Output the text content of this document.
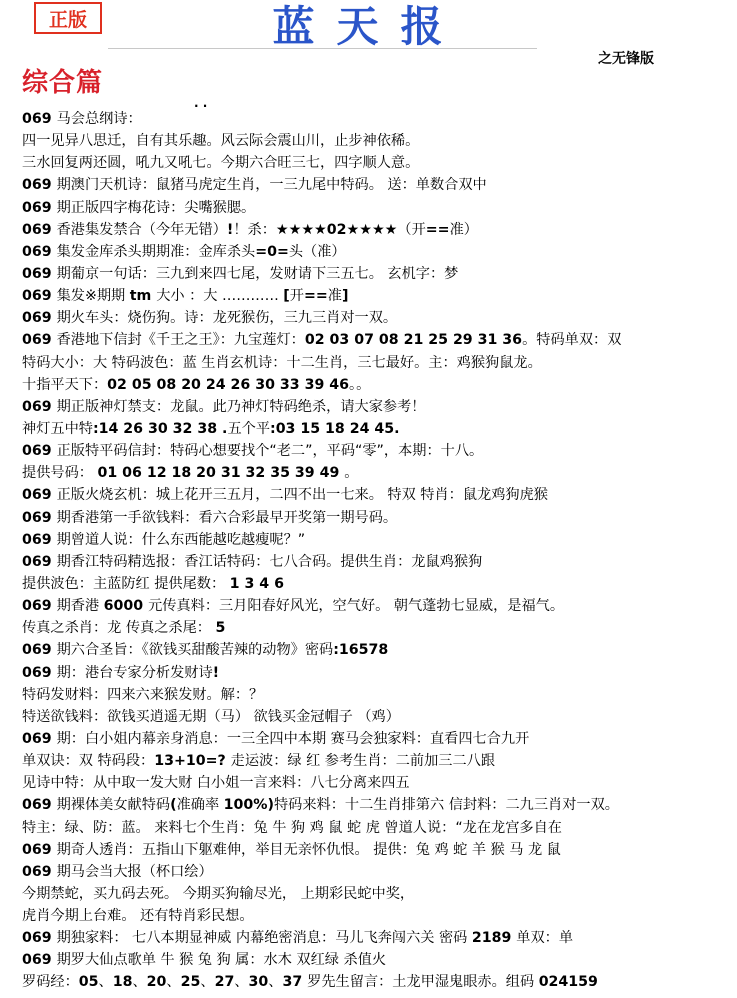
正版	蓝天报
之无锋版
综合篇
. .
069 马会总纲诗：
四一见异八思迁，自有其乐趣。风云际会震山川，止步神依稀。
三水回复两还圆，吼九又吼七。今期六合旺三七，四字顺人意。
069 期澳门天机诗：鼠猪马虎定生肖，一三九尾中特码。 送：单数合双中
069 期正版四字梅花诗：尖嘴猴腮。
069 香港集发禁合（今年无错）!！杀：★★★★02★★★★（开==准）
069 集发金库杀头期期准：金库杀头=0=头（准）
069 期葡京一句话：三九到来四七尾，发财请下三五七。 玄机字：梦
069 集发※期期 tm 大小 ：大 ………… [开==准]
069 期火车头：烧伤狗。诗：龙死猴伤，三九三肖对一双。
069 香港地下信封《千王之王》：九宝莲灯：02 03 07 08 21 25 29 31 36。特码单双：双
特码大小：大 特码波色：蓝 生肖玄机诗：十二生肖，三七最好。主：鸡猴狗鼠龙。
十指平天下：02 05 08 20 24 26 30 33 39 46。。
069 期正版神灯禁支：龙鼠。此乃神灯特码绝杀，请大家参考！
神灯五中特:14 26 30 32 38 .五个平:03 15 18 24 45.
069 正版特平码信封：特码心想要找个“老二”，平码“零”，本期：十八。
提供号码： 01 06 12 18 20 31 32 35 39 49 。
069 正版火烧玄机：城上花开三五月，二四不出一七来。 特双 特肖：鼠龙鸡狗虎猴
069 期香港第一手欲钱料：看六合彩最早开奖第一期号码。
069 期曾道人说：什么东西能越吃越瘦呢？”
069 期香江特码精选报：香江话特码：七八合码。提供生肖：龙鼠鸡猴狗
提供波色：主蓝防红 提供尾数： 1 3 4 6
069 期香港 6000 元传真料：三月阳春好风光，空气好。 朝气蓬勃七显威，是福气。
传真之杀肖：龙 传真之杀尾： 5
069 期六合圣旨：《欲钱买甜酸苦辣的动物》密码:16578
069 期：港台专家分析发财诗!
特码发财料：四来六来猴发财。解：？
特送欲钱料：欲钱买逍遥无期（马） 欲钱买金冠帽子 （鸡）
069 期：白小姐内幕亲身消息：一三全四中本期 赛马会独家料：直看四七合九开
单双诀：双 特码段：13+10=? 走运波：绿 红 参考生肖：二前加三二八跟
见诗中特：从中取一发大财 白小姐一言来料：八七分离来四五
069 期裸体美女献特码(准确率 100%)特码来料：十二生肖排第六 信封料：二九三肖对一双。
特主：绿、防：蓝。 来料七个生肖：兔 牛 狗 鸡 鼠 蛇 虎 曾道人说：“龙在龙宫多自在
069 期奇人透肖：五指山下躯难伸，举目无亲怀仇恨。 提供：兔 鸡 蛇 羊 猴 马 龙 鼠
069 期马会当大报（杯口绘）
今期禁蛇，买九码去死。 今期买狗输尽光， 上期彩民蛇中奖，
虎肖今期上台难。 还有特肖彩民想。
069 期独家料： 七八本期显神威 内幕绝密消息：马儿飞奔闯六关 密码 2189 单双：单
069 期罗大仙点歌单 牛 猴 兔 狗 属：水木 双红绿 杀值火
罗码经：05、18、20、25、27、30、37 罗先生留言：土龙甲湿鬼眼赤。组码 024159
